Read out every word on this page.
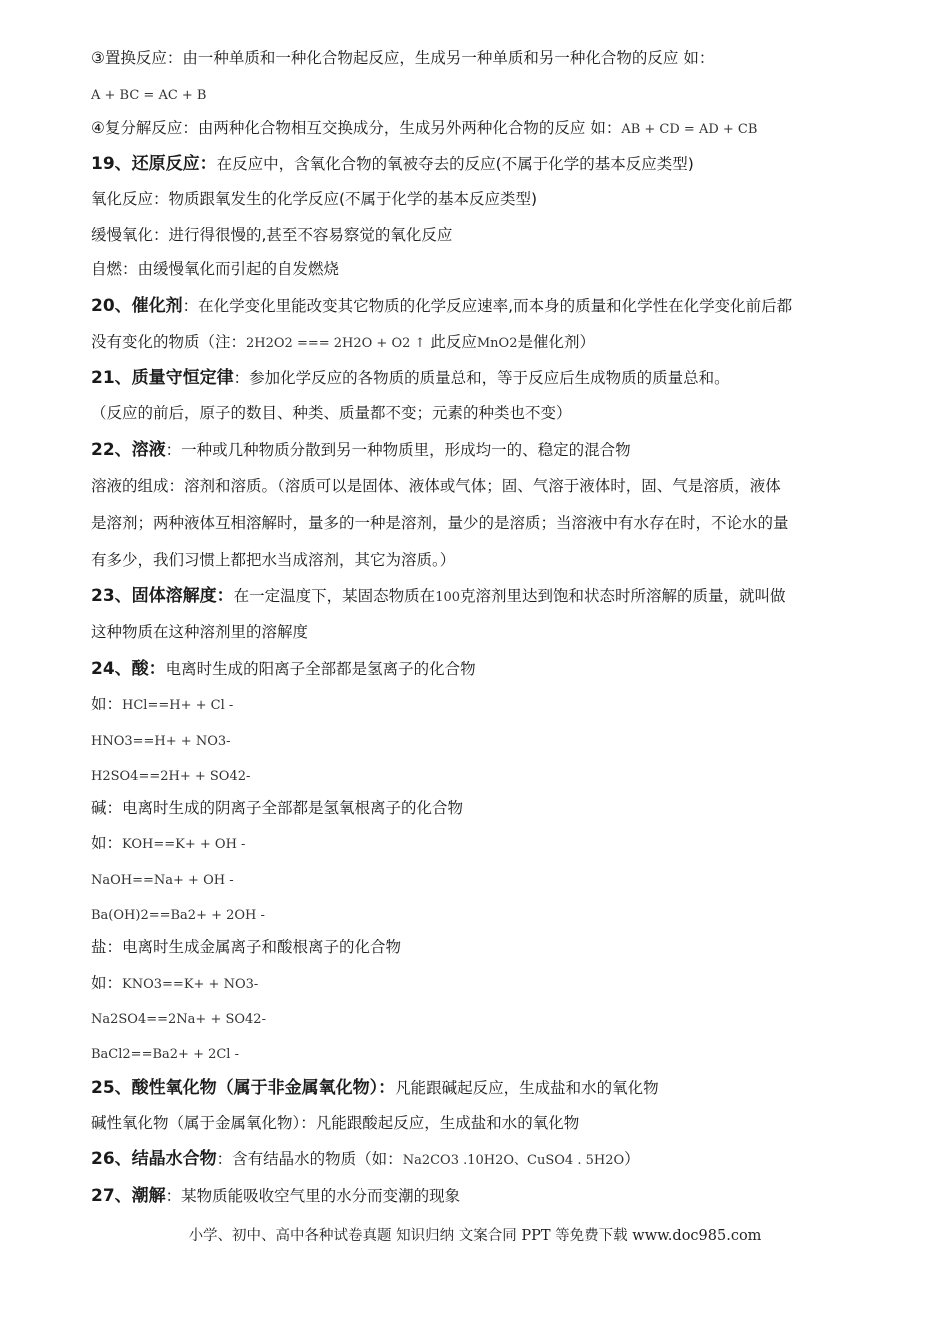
③置换反应：由一种单质和一种化合物起反应，生成另一种单质和另一种化合物的反应 如：
A + BC = AC + B
④复分解反应：由两种化合物相互交换成分，生成另外两种化合物的反应 如：AB + CD = AD + CB
19、还原反应：在反应中，含氧化合物的氧被夺去的反应(不属于化学的基本反应类型)
氧化反应：物质跟氧发生的化学反应(不属于化学的基本反应类型)
缓慢氧化：进行得很慢的,甚至不容易察觉的氧化反应
自燃：由缓慢氧化而引起的自发燃烧
20、催化剂：在化学变化里能改变其它物质的化学反应速率,而本身的质量和化学性在化学变化前后都
没有变化的物质（注：2H2O2 === 2H2O + O2 ↑ 此反应MnO2是催化剂）
21、质量守恒定律：参加化学反应的各物质的质量总和，等于反应后生成物质的质量总和。
（反应的前后，原子的数目、种类、质量都不变；元素的种类也不变）
22、溶液：一种或几种物质分散到另一种物质里，形成均一的、稳定的混合物
溶液的组成：溶剂和溶质。（溶质可以是固体、液体或气体；固、气溶于液体时，固、气是溶质，液体
是溶剂；两种液体互相溶解时，量多的一种是溶剂，量少的是溶质；当溶液中有水存在时，不论水的量
有多少，我们习惯上都把水当成溶剂，其它为溶质。）
23、固体溶解度：在一定温度下，某固态物质在100克溶剂里达到饱和状态时所溶解的质量，就叫做
这种物质在这种溶剂里的溶解度
24、酸：电离时生成的阳离子全部都是氢离子的化合物
如：HCl==H+ + Cl -
HNO3==H+ + NO3-
H2SO4==2H+ + SO42-
碱：电离时生成的阴离子全部都是氢氧根离子的化合物
如：KOH==K+ + OH -
NaOH==Na+ + OH -
Ba(OH)2==Ba2+ + 2OH -
盐：电离时生成金属离子和酸根离子的化合物
如：KNO3==K+ + NO3-
Na2SO4==2Na+ + SO42-
BaCl2==Ba2+ + 2Cl -
25、酸性氧化物（属于非金属氧化物）：凡能跟碱起反应，生成盐和水的氧化物
碱性氧化物（属于金属氧化物）：凡能跟酸起反应，生成盐和水的氧化物
26、结晶水合物：含有结晶水的物质（如：Na2CO3 .10H2O、CuSO4 . 5H2O）
27、潮解：某物质能吸收空气里的水分而变潮的现象
小学、初中、高中各种试卷真题 知识归纳 文案合同 PPT 等免费下载 www.doc985.com
